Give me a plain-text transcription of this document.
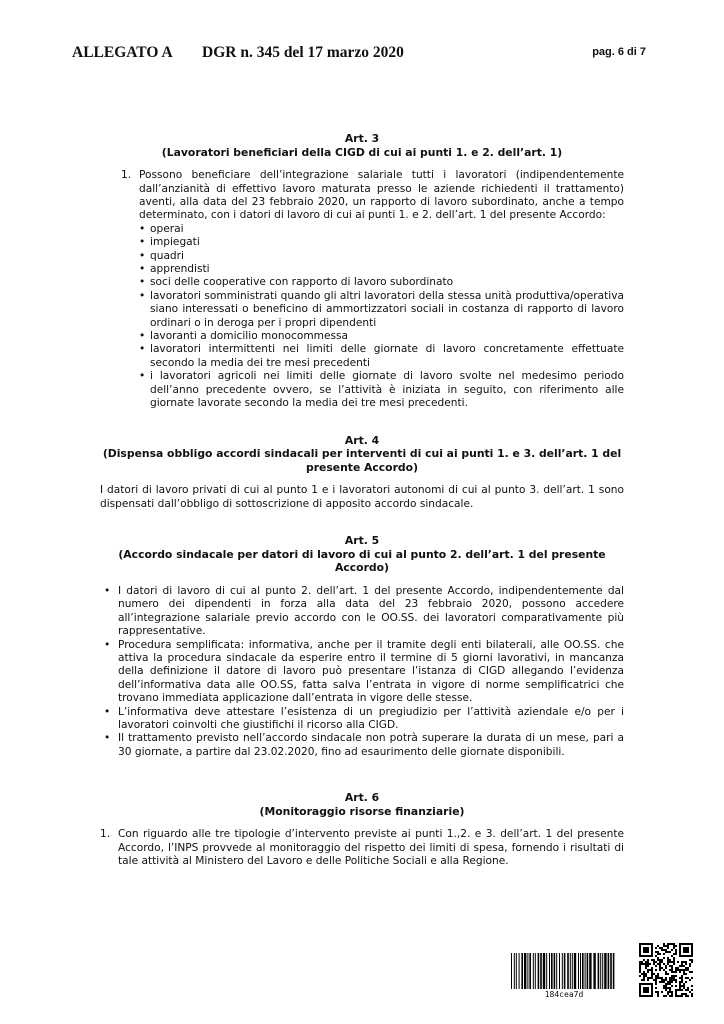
ALLEGATO A DGR n. 345 del 17 marzo 2020	pag. 6 di 7
Art. 3
(Lavoratori beneficiari della CIGD di cui ai punti 1. e 2. dell’art. 1)
1. Possono beneficiare dell’integrazione salariale tutti i lavoratori (indipendentemente dall’anzianità di effettivo lavoro maturata presso le aziende richiedenti il trattamento) aventi, alla data del 23 febbraio 2020, un rapporto di lavoro subordinato, anche a tempo determinato, con i datori di lavoro di cui ai punti 1. e 2. dell’art. 1 del presente Accordo:
• operai
• impiegati
• quadri
• apprendisti
• soci delle cooperative con rapporto di lavoro subordinato
• lavoratori somministrati quando gli altri lavoratori della stessa unità produttiva/operativa siano interessati o beneficino di ammortizzatori sociali in costanza di rapporto di lavoro ordinari o in deroga per i propri dipendenti
• lavoranti a domicilio monocommessa
• lavoratori intermittenti nei limiti delle giornate di lavoro concretamente effettuate secondo la media dei tre mesi precedenti
• i lavoratori agricoli nei limiti delle giornate di lavoro svolte nel medesimo periodo dell’anno precedente ovvero, se l’attività è iniziata in seguito, con riferimento alle giornate lavorate secondo la media dei tre mesi precedenti.
Art. 4
(Dispensa obbligo accordi sindacali per interventi di cui ai punti 1. e 3. dell’art. 1 del presente Accordo)
I datori di lavoro privati di cui al punto 1 e i lavoratori autonomi di cui al punto 3. dell’art. 1 sono dispensati dall’obbligo di sottoscrizione di apposito accordo sindacale.
Art. 5
(Accordo sindacale per datori di lavoro di cui al punto 2. dell’art. 1 del presente Accordo)
• I datori di lavoro di cui al punto 2. dell’art. 1 del presente Accordo, indipendentemente dal numero dei dipendenti in forza alla data del 23 febbraio 2020, possono accedere all’integrazione salariale previo accordo con le OO.SS. dei lavoratori comparativamente più rappresentative.
• Procedura semplificata: informativa, anche per il tramite degli enti bilaterali, alle OO.SS. che attiva la procedura sindacale da esperire entro il termine di 5 giorni lavorativi, in mancanza della definizione il datore di lavoro può presentare l’istanza di CIGD allegando l’evidenza dell’informativa data alle OO.SS, fatta salva l’entrata in vigore di norme semplificatrici che trovano immediata applicazione dall’entrata in vigore delle stesse.
• L’informativa deve attestare l’esistenza di un pregiudizio per l’attività aziendale e/o per i lavoratori coinvolti che giustifichi il ricorso alla CIGD.
• Il trattamento previsto nell’accordo sindacale non potrà superare la durata di un mese, pari a 30 giornate, a partire dal 23.02.2020, fino ad esaurimento delle giornate disponibili.
Art. 6
(Monitoraggio risorse finanziarie)
1. Con riguardo alle tre tipologie d’intervento previste ai punti 1.,2. e 3. dell’art. 1 del presente Accordo, l’INPS provvede al monitoraggio del rispetto dei limiti di spesa, fornendo i risultati di tale attività al Ministero del Lavoro e delle Politiche Sociali e alla Regione.
184cea7d
